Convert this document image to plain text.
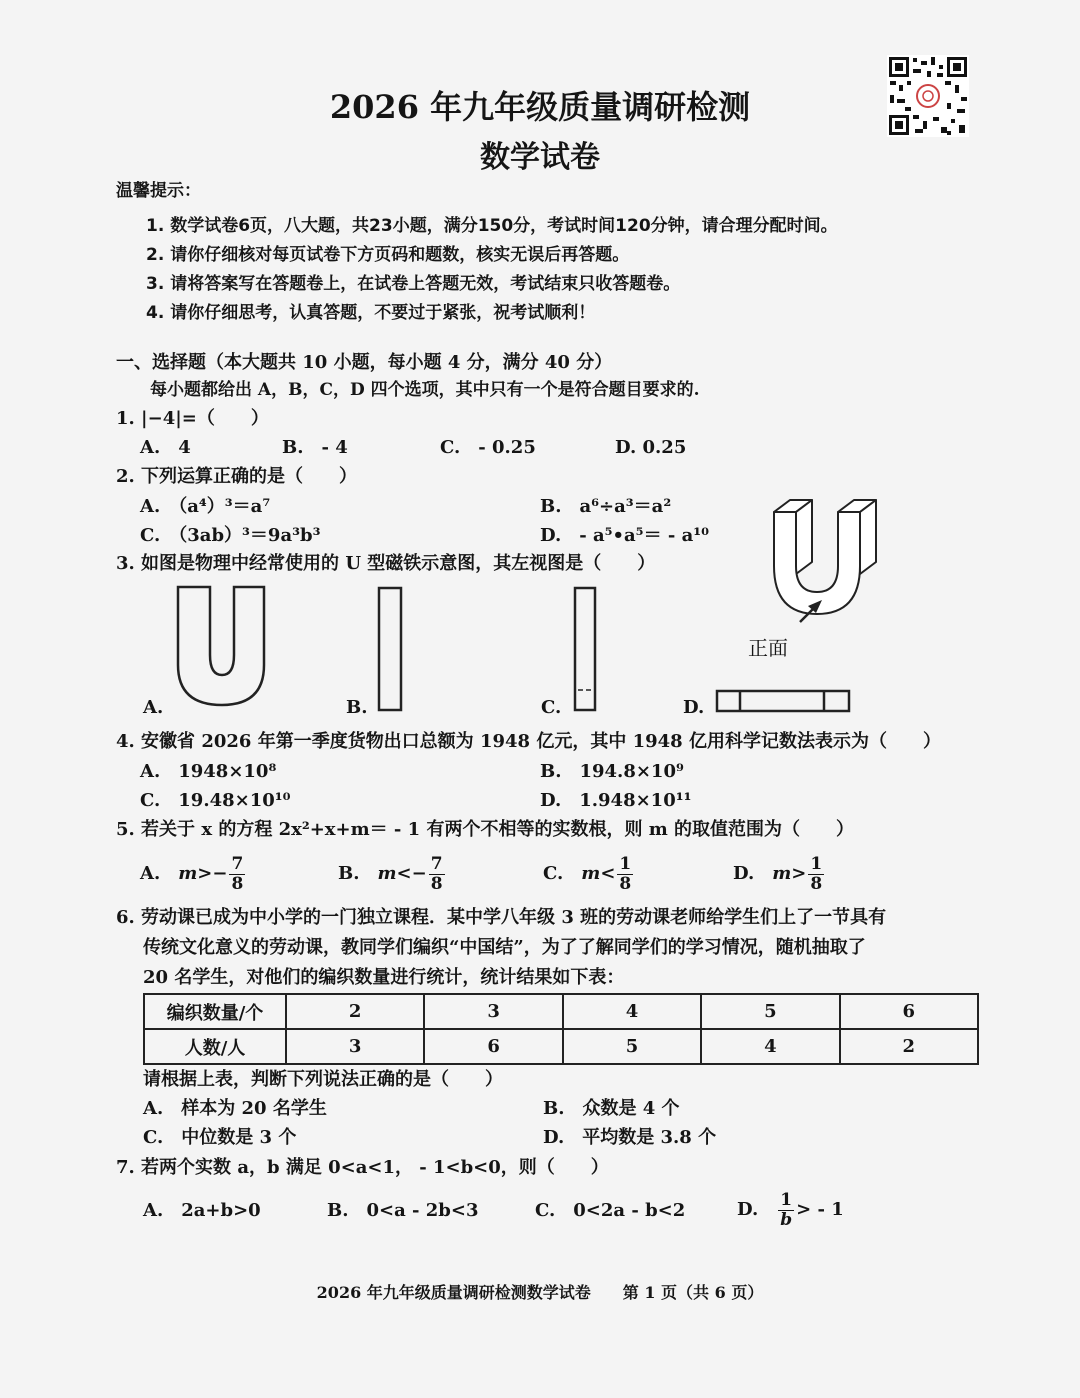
2026 年九年级质量调研检测
数学试卷
温馨提示：
1. 数学试卷6页，八大题，共23小题，满分150分，考试时间120分钟，请合理分配时间。
2. 请你仔细核对每页试卷下方页码和题数，核实无误后再答题。
3. 请将答案写在答题卷上，在试卷上答题无效，考试结束只收答题卷。
4. 请你仔细思考，认真答题，不要过于紧张，祝考试顺利！
一、选择题（本大题共 10 小题，每小题 4 分，满分 40 分）
每小题都给出 A，B，C，D 四个选项，其中只有一个是符合题目要求的.
1. |−4|=（　　）
A.　4	B.　- 4	C.　- 0.25	D. 0.25
2. 下列运算正确的是（　　）
A.　（a⁴）³＝a⁷	B.　a⁶÷a³＝a²
C.　（3ab）³＝9a³b³	D.　- a⁵•a⁵＝ - a¹⁰
正面
3. 如图是物理中经常使用的 U 型磁铁示意图，其左视图是（　　）
A.	B.	C.	D.
4. 安徽省 2026 年第一季度货物出口总额为 1948 亿元，其中 1948 亿用科学记数法表示为（　　）
A.　1948×10⁸	B.　194.8×10⁹
C.　19.48×10¹⁰	D.　1.948×10¹¹
5. 若关于 x 的方程 2x²+x+m＝ - 1 有两个不相等的实数根，则 m 的取值范围为（　　）
A.　 $m>- \frac{7}{8}$	B.　 $m<- \frac{7}{8}$	C.　 $m< \frac{1}{8}$	D.　 $m> \frac{1}{8}$
6. 劳动课已成为中小学的一门独立课程．某中学八年级 3 班的劳动课老师给学生们上了一节具有
传统文化意义的劳动课，教同学们编织“中国结”，为了了解同学们的学习情况，随机抽取了
20 名学生，对他们的编织数量进行统计，统计结果如下表：
编织数量/个	2	3	4	5	6
人数/人	3	6	5	4	2
请根据上表，判断下列说法正确的是（　　）
A.　样本为 20 名学生	B.　众数是 4 个
C.　中位数是 3 个	D.　平均数是 3.8 个
7. 若两个实数 a，b 满足 0<a<1， - 1<b<0，则（　　）
A.　2a+b>0	B.　0<a - 2b<3	C.　0<2a - b<2	D.　 $\frac{1}{b}$ > - 1
2026 年九年级质量调研检测数学试卷　　第 1 页（共 6 页）
